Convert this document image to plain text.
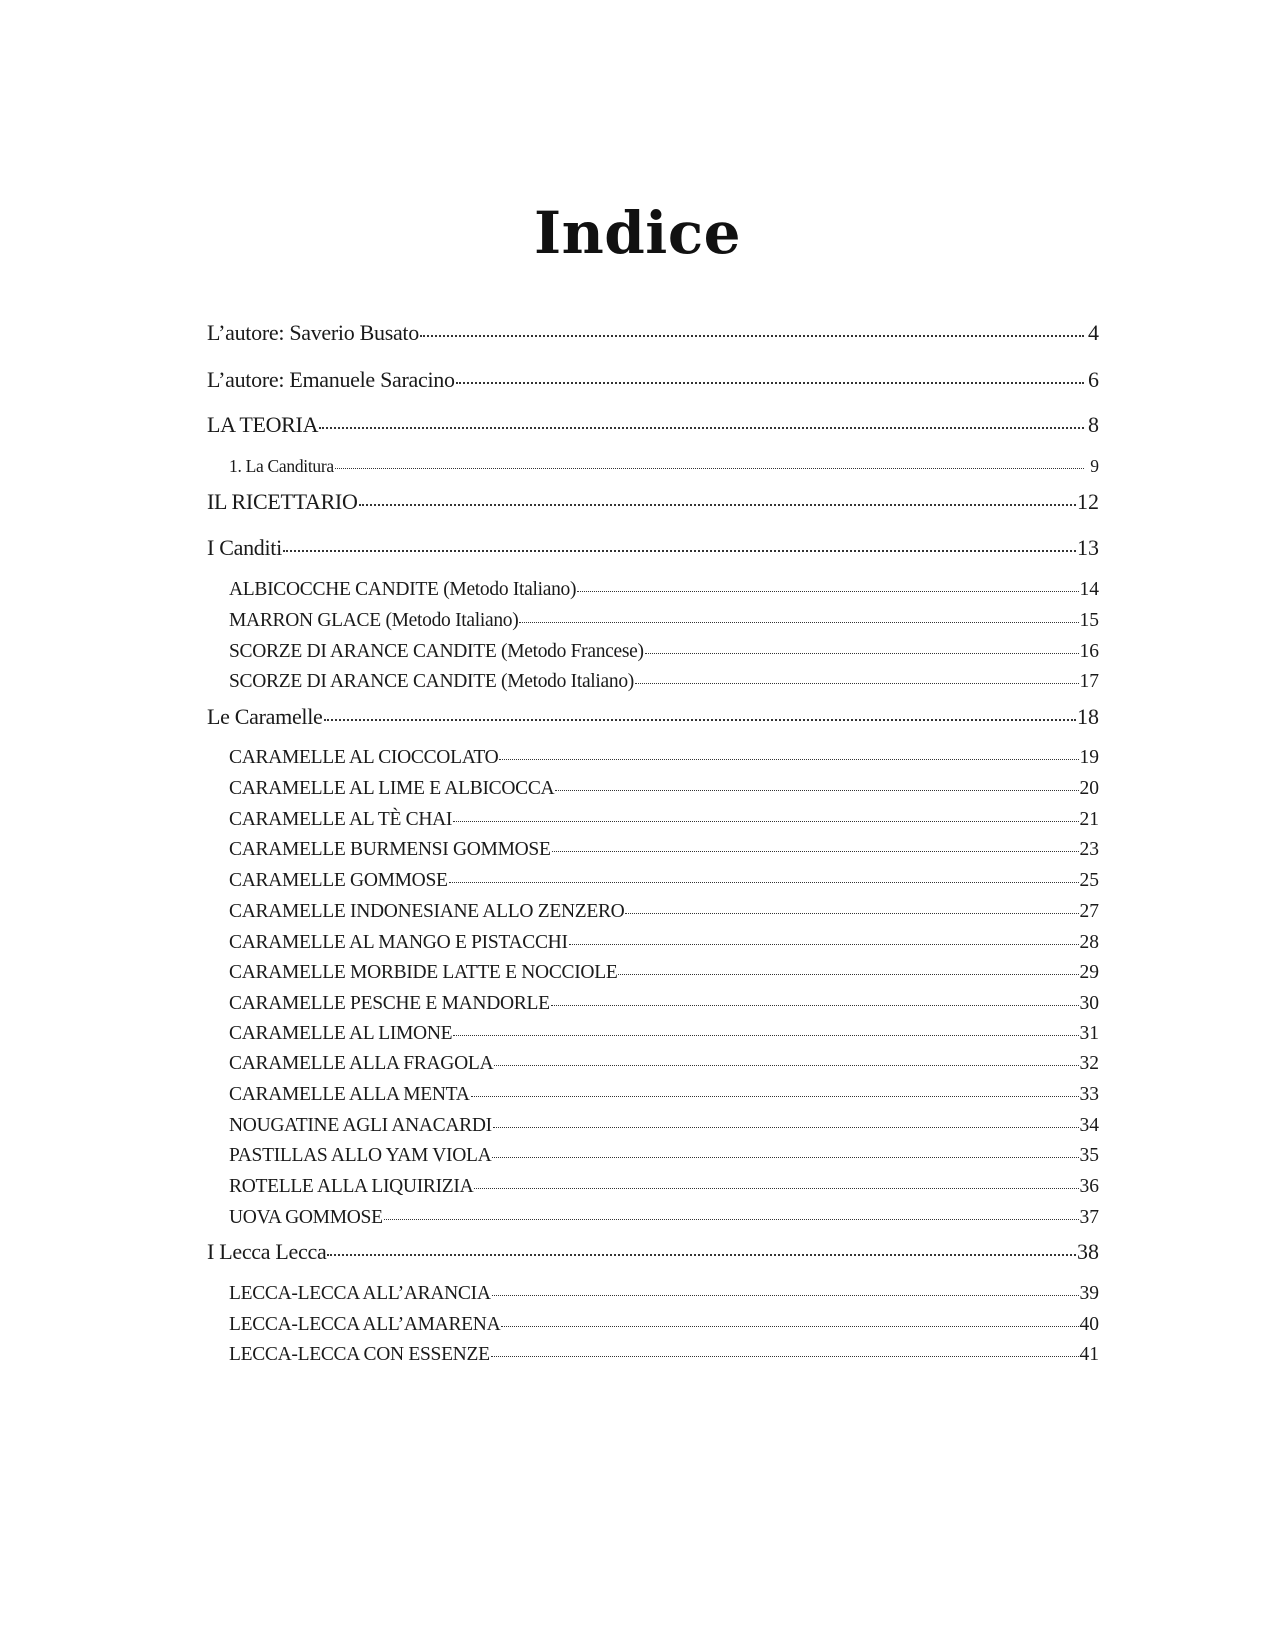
Indice
L’autore: Saverio Busato	4
L’autore: Emanuele Saracino	6
LA TEORIA	8
1. La Canditura	9
IL RICETTARIO	12
I Canditi	13
ALBICOCCHE CANDITE (Metodo Italiano)	14
MARRON GLACE (Metodo Italiano)	15
SCORZE DI ARANCE CANDITE (Metodo Francese)	16
SCORZE DI ARANCE CANDITE (Metodo Italiano)	17
Le Caramelle	18
CARAMELLE AL CIOCCOLATO	19
CARAMELLE AL LIME E ALBICOCCA	20
CARAMELLE AL TÈ CHAI	21
CARAMELLE BURMENSI GOMMOSE	23
CARAMELLE GOMMOSE	25
CARAMELLE INDONESIANE ALLO ZENZERO	27
CARAMELLE AL MANGO E PISTACCHI	28
CARAMELLE MORBIDE LATTE E NOCCIOLE	29
CARAMELLE PESCHE E MANDORLE	30
CARAMELLE AL LIMONE	31
CARAMELLE ALLA FRAGOLA	32
CARAMELLE ALLA MENTA	33
NOUGATINE AGLI ANACARDI	34
PASTILLAS ALLO YAM VIOLA	35
ROTELLE ALLA LIQUIRIZIA	36
UOVA GOMMOSE	37
I Lecca Lecca	38
LECCA-LECCA ALL’ARANCIA	39
LECCA-LECCA ALL’AMARENA	40
LECCA-LECCA CON ESSENZE	41
